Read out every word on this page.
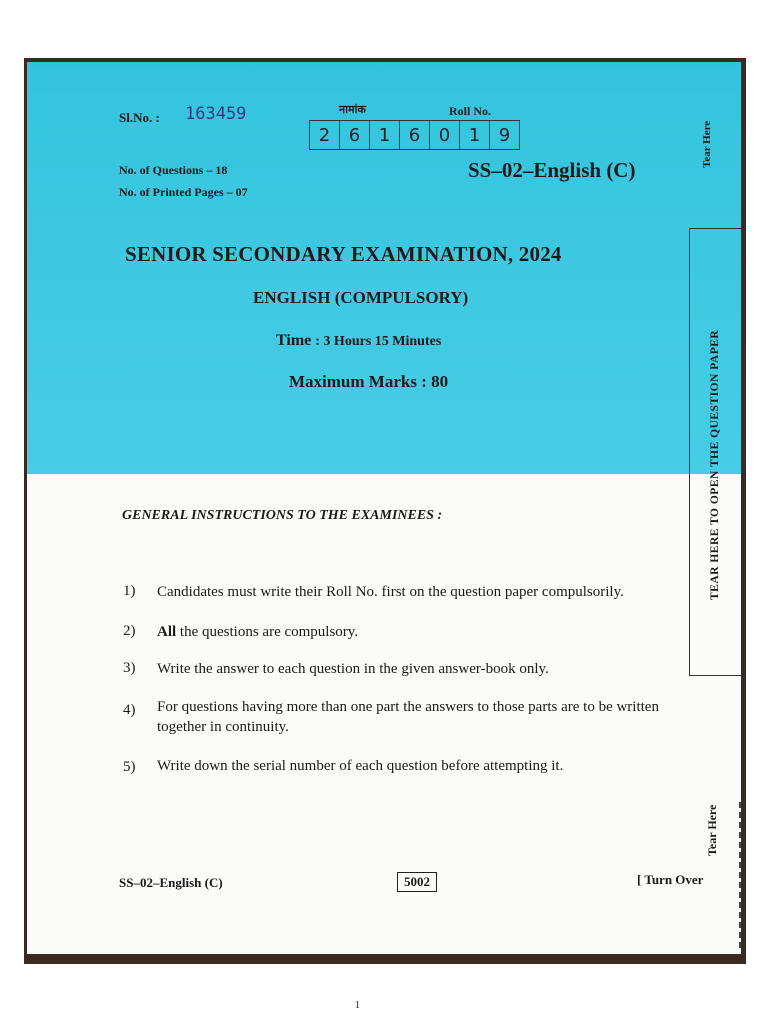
Sl.No. : 163459	नामांक	Roll No.
2	6	1	6	0	1	9
No. of Questions – 18
No. of Printed Pages – 07
SS–02–English (C)
SENIOR SECONDARY EXAMINATION, 2024
ENGLISH (COMPULSORY)
Time : 3 Hours 15 Minutes
Maximum Marks : 80
Tear Here
TEAR HERE TO OPEN THE QUESTION PAPER
Tear Here
GENERAL INSTRUCTIONS TO THE EXAMINEES :
1) Candidates must write their Roll No. first on the question paper compulsorily.
2) All the questions are compulsory.
3) Write the answer to each question in the given answer-book only.
4) For questions having more than one part the answers to those parts are to be written together in continuity.
5) Write down the serial number of each question before attempting it.
SS–02–English (C)	5002	[ Turn Over
1
